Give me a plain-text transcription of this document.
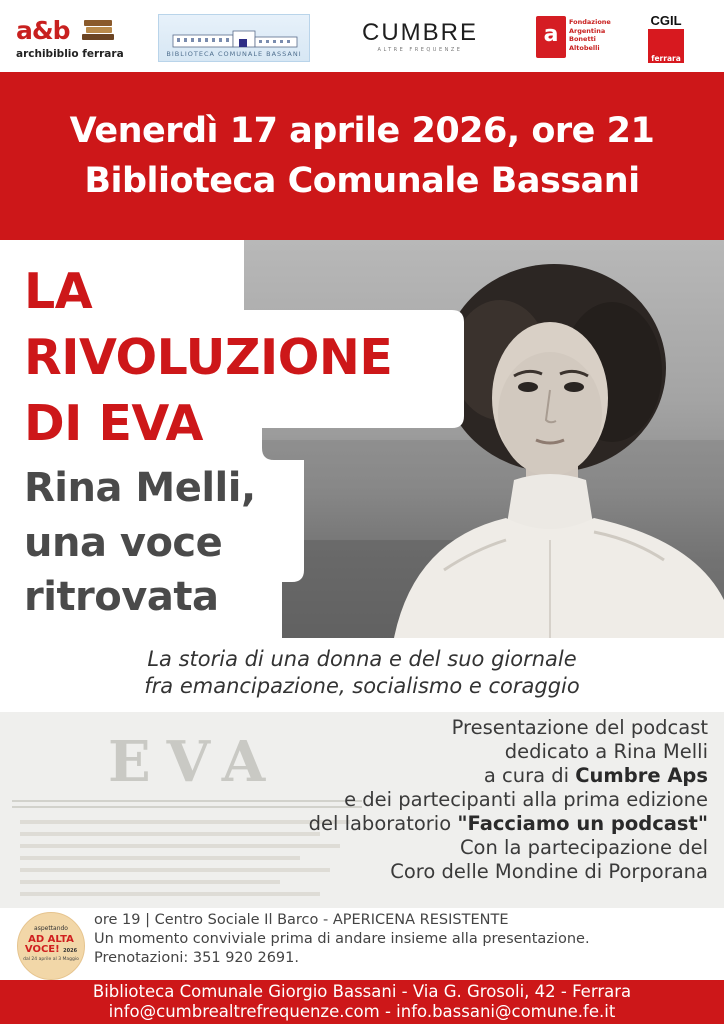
a&b
archibiblio ferrara	BIBLIOTECA COMUNALE BASSANI
CUMBRE
ALTRE FREQUENZE
a	Fondazione
Argentina
Bonetti
Altobelli
CGIL
ferrara
Venerdì 17 aprile 2026, ore 21
Biblioteca Comunale Bassani
LA
RIVOLUZIONE
DI EVA
Rina Melli,
una voce
ritrovata
La storia di una donna e del suo giornale
fra emancipazione, socialismo e coraggio
EVA
Presentazione del podcast
dedicato a Rina Melli
a cura di Cumbre Aps
e dei partecipanti alla prima edizione
del laboratorio "Facciamo un podcast"
Con la partecipazione del
Coro delle Mondine di Porporana
aspettando
AD ALTA
VOCE! 2026
dal 24 aprile al 3 Maggio
ore 19 | Centro Sociale Il Barco - APERICENA RESISTENTE
Un momento conviviale prima di andare insieme alla presentazione.
Prenotazioni: 351 920 2691.
Biblioteca Comunale Giorgio Bassani - Via G. Grosoli, 42 - Ferrara
info@cumbrealtrefrequenze.com - info.bassani@comune.fe.it
